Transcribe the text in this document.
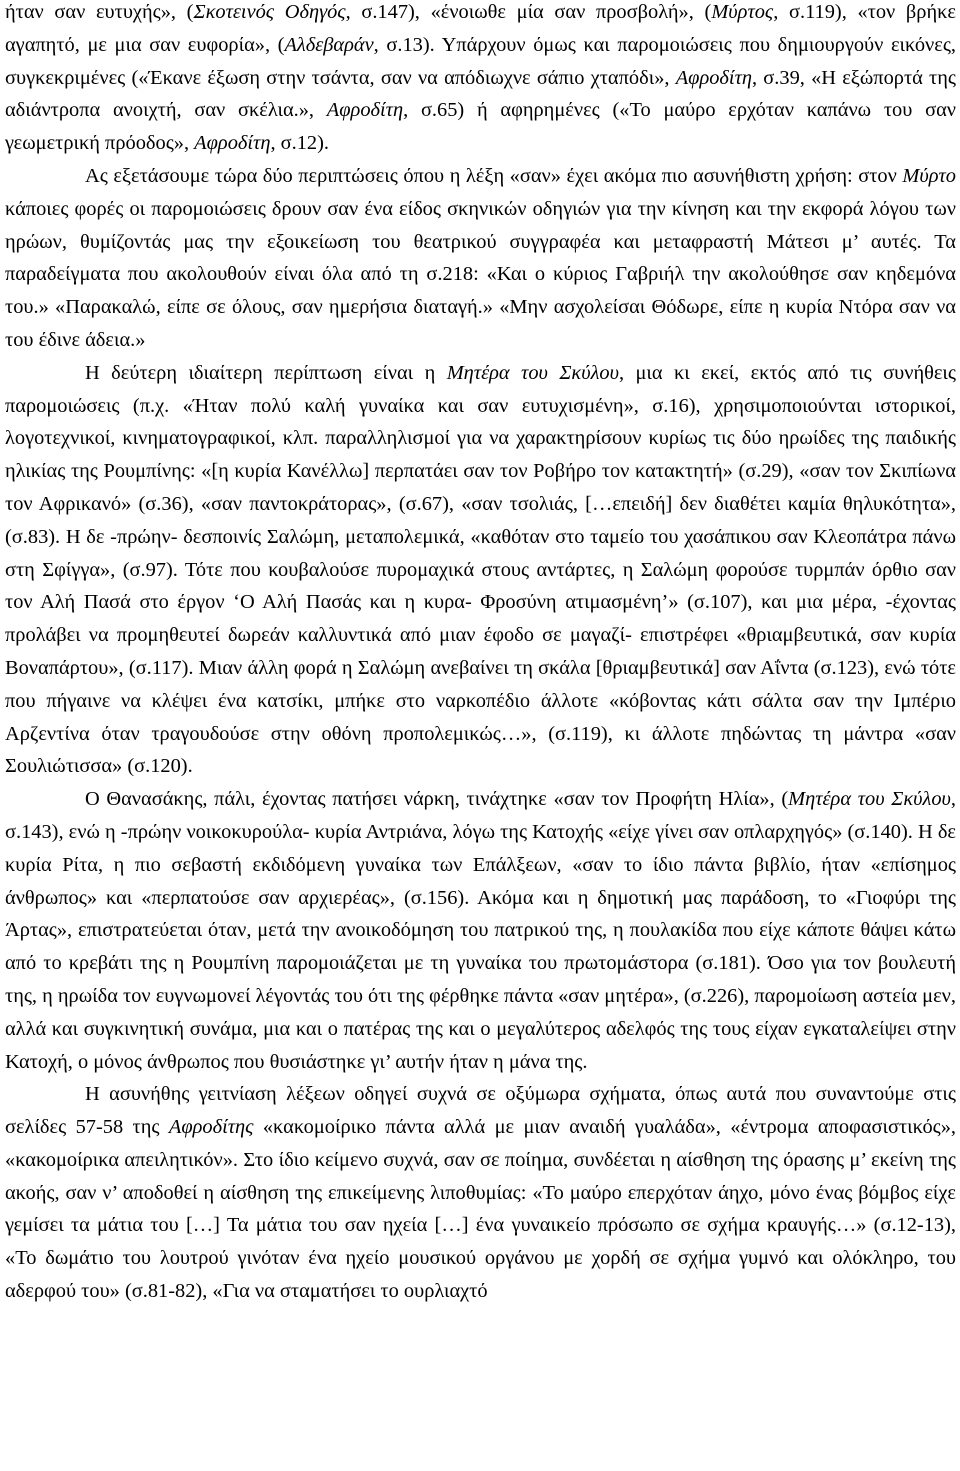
ήταν σαν ευτυχής», (Σκοτεινός Οδηγός, σ.147), «ένοιωθε μία σαν προσβολή», (Μύρτος, σ.119), «τον βρήκε αγαπητό, με μια σαν ευφορία», (Αλδεβαράν, σ.13). Υπάρχουν όμως και παρομοιώσεις που δημιουργούν εικόνες, συγκεκριμένες («Έκανε έξωση στην τσάντα, σαν να απόδιωχνε σάπιο χταπόδι», Αφροδίτη, σ.39, «Η εξώπορτά της αδιάντροπα ανοιχτή, σαν σκέλια.», Αφροδίτη, σ.65) ή αφηρημένες («Το μαύρο ερχόταν καπάνω του σαν γεωμετρική πρόοδος», Αφροδίτη, σ.12).

Ας εξετάσουμε τώρα δύο περιπτώσεις όπου η λέξη «σαν» έχει ακόμα πιο ασυνήθιστη χρήση: στον Μύρτο κάποιες φορές οι παρομοιώσεις δρουν σαν ένα είδος σκηνικών οδηγιών για την κίνηση και την εκφορά λόγου των ηρώων, θυμίζοντάς μας την εξοικείωση του θεατρικού συγγραφέα και μεταφραστή Μάτεσι μ’ αυτές. Τα παραδείγματα που ακολουθούν είναι όλα από τη σ.218: «Και ο κύριος Γαβριήλ την ακολούθησε σαν κηδεμόνα του.» «Παρακαλώ, είπε σε όλους, σαν ημερήσια διαταγή.» «Μην ασχολείσαι Θόδωρε, είπε η κυρία Ντόρα σαν να του έδινε άδεια.»

Η δεύτερη ιδιαίτερη περίπτωση είναι η Μητέρα του Σκύλου, μια κι εκεί, εκτός από τις συνήθεις παρομοιώσεις (π.χ. «Ήταν πολύ καλή γυναίκα και σαν ευτυχισμένη», σ.16), χρησιμοποιούνται ιστορικοί, λογοτεχνικοί, κινηματογραφικοί, κλπ. παραλληλισμοί για να χαρακτηρίσουν κυρίως τις δύο ηρωίδες της παιδικής ηλικίας της Ρουμπίνης: «[η κυρία Κανέλλω] περπατάει σαν τον Ροβήρο τον κατακτητή» (σ.29), «σαν τον Σκιπίωνα τον Αφρικανό» (σ.36), «σαν παντοκράτορας», (σ.67), «σαν τσολιάς, […επειδή] δεν διαθέτει καμία θηλυκότητα», (σ.83). Η δε -πρώην- δεσποινίς Σαλώμη, μεταπολεμικά, «καθόταν στο ταμείο του χασάπικου σαν Κλεοπάτρα πάνω στη Σφίγγα», (σ.97). Τότε που κουβαλούσε πυρομαχικά στους αντάρτες, η Σαλώμη φορούσε τυρμπάν όρθιο σαν τον Αλή Πασά στο έργον ‘Ο Αλή Πασάς και η κυρα- Φροσύνη ατιμασμένη’» (σ.107), και μια μέρα, -έχοντας προλάβει να προμηθευτεί δωρεάν καλλυντικά από μιαν έφοδο σε μαγαζί- επιστρέφει «θριαμβευτικά, σαν κυρία Βοναπάρτου», (σ.117). Μιαν άλλη φορά η Σαλώμη ανεβαίνει τη σκάλα [θριαμβευτικά] σαν Αΐντα (σ.123), ενώ τότε που πήγαινε να κλέψει ένα κατσίκι, μπήκε στο ναρκοπέδιο άλλοτε «κόβοντας κάτι σάλτα σαν την Ιμπέριο Αρζεντίνα όταν τραγουδούσε στην οθόνη προπολεμικώς…», (σ.119), κι άλλοτε πηδώντας τη μάντρα «σαν Σουλιώτισσα» (σ.120).

Ο Θανασάκης, πάλι, έχοντας πατήσει νάρκη, τινάχτηκε «σαν τον Προφήτη Ηλία», (Μητέρα του Σκύλου, σ.143), ενώ η -πρώην νοικοκυρούλα- κυρία Αντριάνα, λόγω της Κατοχής «είχε γίνει σαν οπλαρχηγός» (σ.140). Η δε κυρία Ρίτα, η πιο σεβαστή εκδιδόμενη γυναίκα των Επάλξεων, «σαν το ίδιο πάντα βιβλίο, ήταν «επίσημος άνθρωπος» και «περπατούσε σαν αρχιερέας», (σ.156). Ακόμα και η δημοτική μας παράδοση, το «Γιοφύρι της Άρτας», επιστρατεύεται όταν, μετά την ανοικοδόμηση του πατρικού της, η πουλακίδα που είχε κάποτε θάψει κάτω από το κρεβάτι της η Ρουμπίνη παρομοιάζεται με τη γυναίκα του πρωτομάστορα (σ.181). Όσο για τον βουλευτή της, η ηρωίδα τον ευγνωμονεί λέγοντάς του ότι της φέρθηκε πάντα «σαν μητέρα», (σ.226), παρομοίωση αστεία μεν, αλλά και συγκινητική συνάμα, μια και ο πατέρας της και ο μεγαλύτερος αδελφός της τους είχαν εγκαταλείψει στην Κατοχή, ο μόνος άνθρωπος που θυσιάστηκε γι’ αυτήν ήταν η μάνα της.

Η ασυνήθης γειτνίαση λέξεων οδηγεί συχνά σε οξύμωρα σχήματα, όπως αυτά που συναντούμε στις σελίδες 57-58 της Αφροδίτης «κακομοίρικο πάντα αλλά με μιαν αναιδή γυαλάδα», «έντρομα αποφασιστικός», «κακομοίρικα απειλητικόν». Στο ίδιο κείμενο συχνά, σαν σε ποίημα, συνδέεται η αίσθηση της όρασης μ’ εκείνη της ακοής, σαν ν’ αποδοθεί η αίσθηση της επικείμενης λιποθυμίας: «Το μαύρο επερχόταν άηχο, μόνο ένας βόμβος είχε γεμίσει τα μάτια του […] Τα μάτια του σαν ηχεία […] ένα γυναικείο πρόσωπο σε σχήμα κραυγής…» (σ.12-13), «Το δωμάτιο του λουτρού γινόταν ένα ηχείο μουσικού οργάνου με χορδή σε σχήμα γυμνό και ολόκληρο, του αδερφού του» (σ.81-82), «Για να σταματήσει το ουρλιαχτό
